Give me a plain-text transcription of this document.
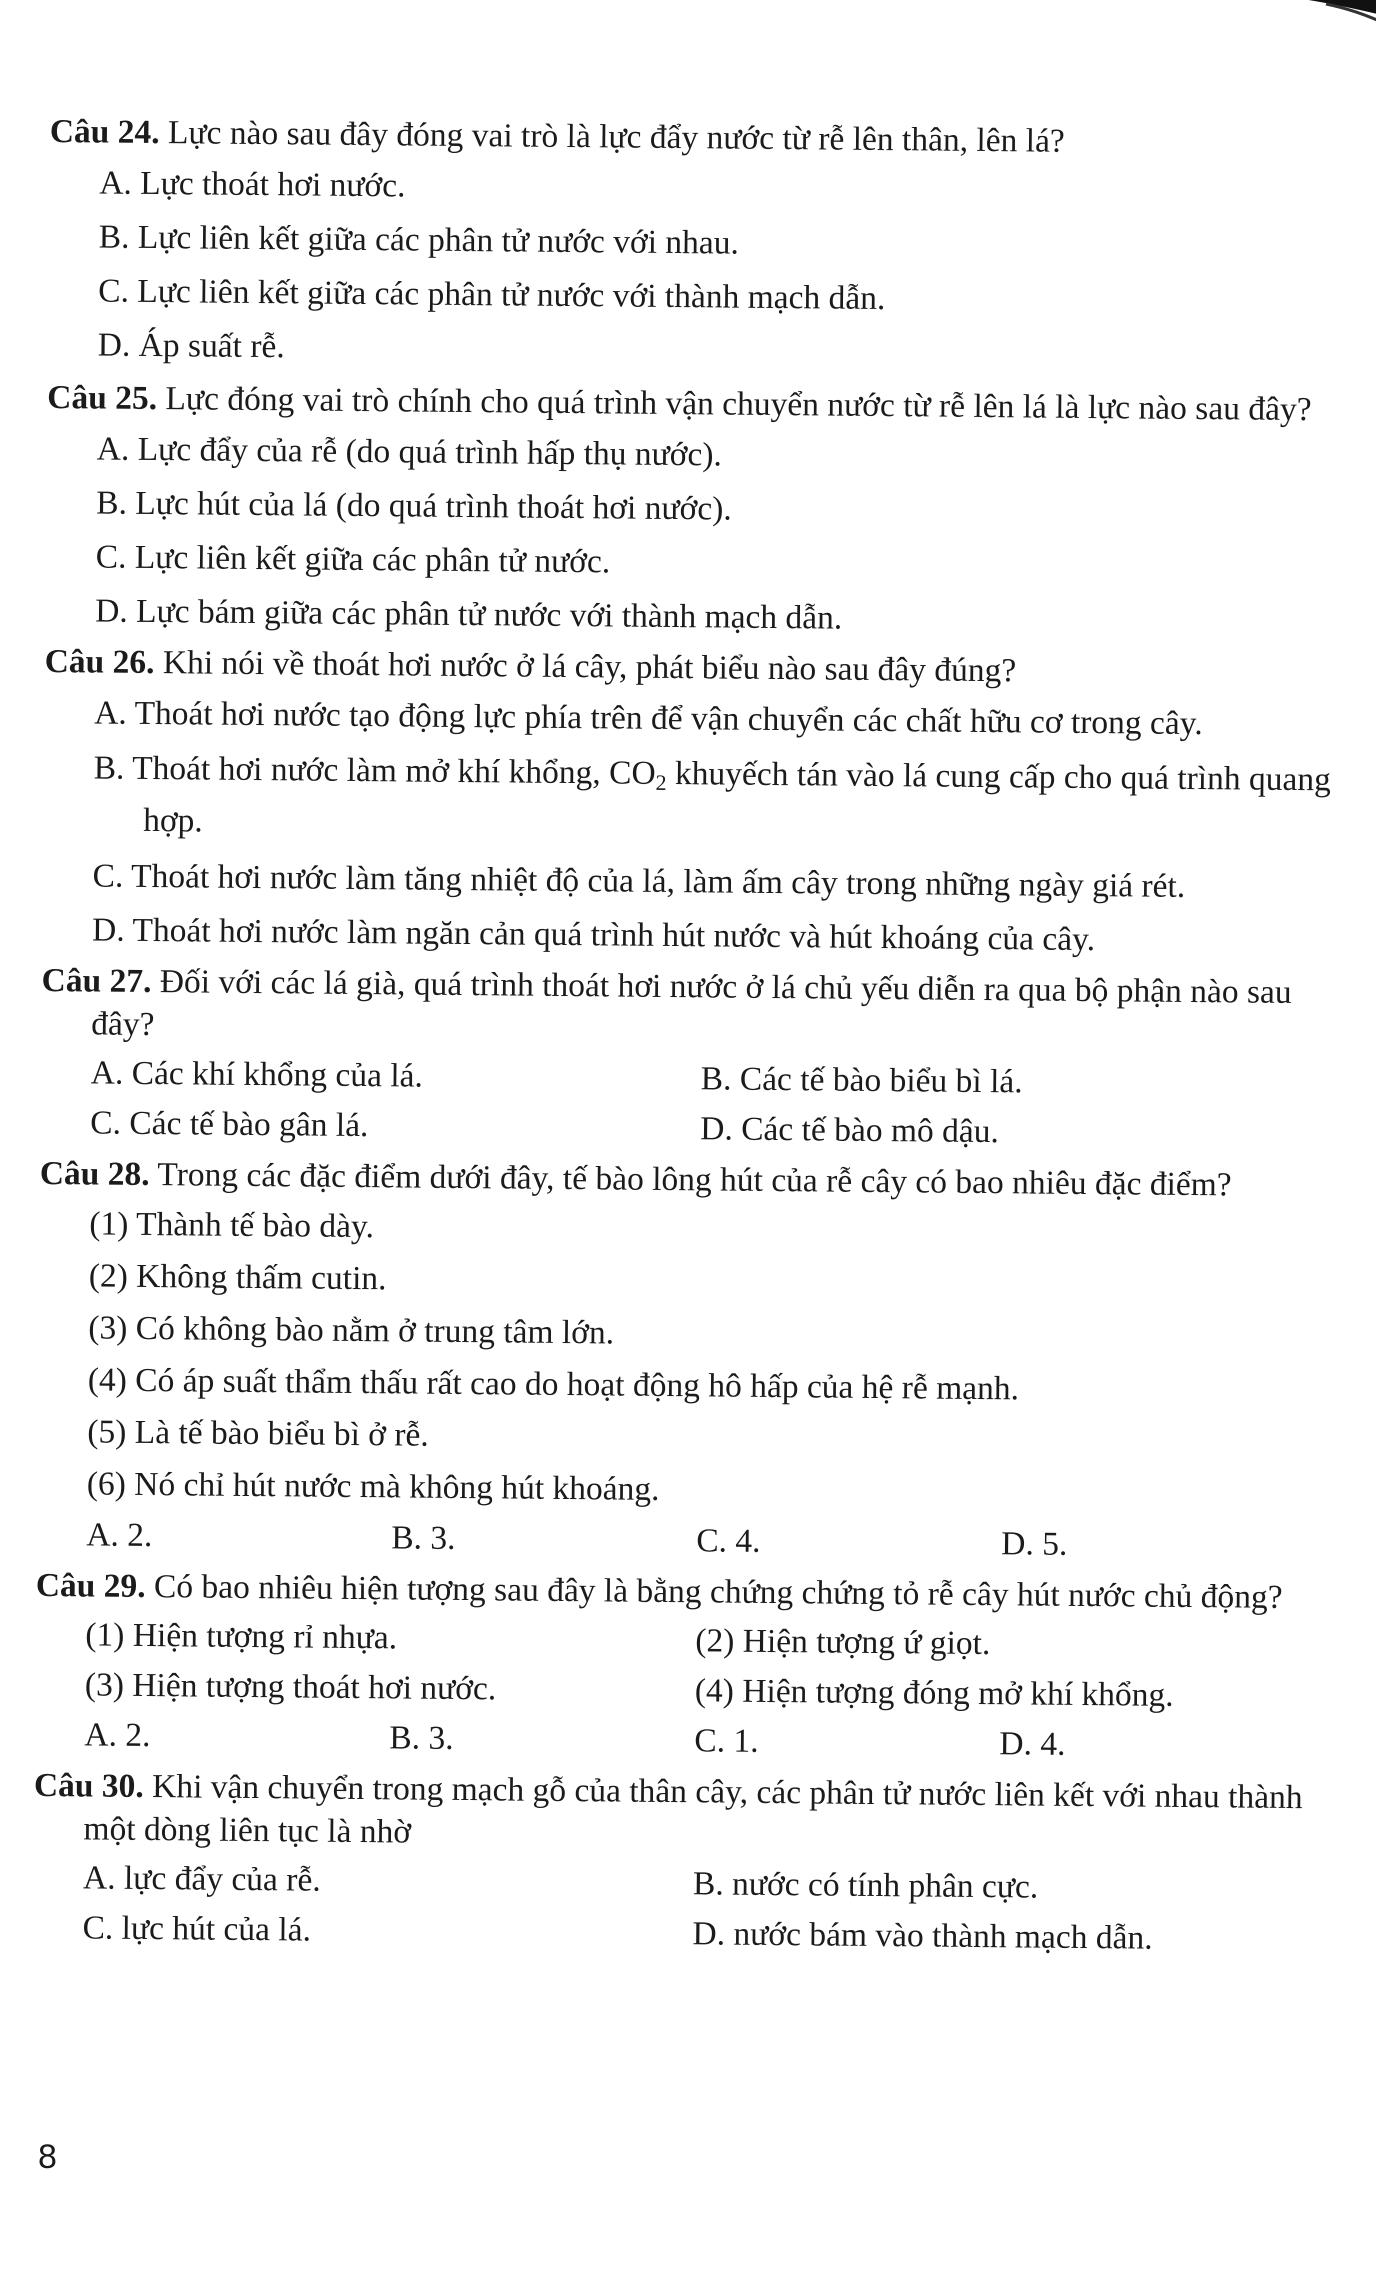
Câu 24. Lực nào sau đây đóng vai trò là lực đẩy nước từ rễ lên thân, lên lá?
A. Lực thoát hơi nước.
B. Lực liên kết giữa các phân tử nước với nhau.
C. Lực liên kết giữa các phân tử nước với thành mạch dẫn.
D. Áp suất rễ.
Câu 25. Lực đóng vai trò chính cho quá trình vận chuyển nước từ rễ lên lá là lực nào sau đây?
A. Lực đẩy của rễ (do quá trình hấp thụ nước).
B. Lực hút của lá (do quá trình thoát hơi nước).
C. Lực liên kết giữa các phân tử nước.
D. Lực bám giữa các phân tử nước với thành mạch dẫn.
Câu 26. Khi nói về thoát hơi nước ở lá cây, phát biểu nào sau đây đúng?
A. Thoát hơi nước tạo động lực phía trên để vận chuyển các chất hữu cơ trong cây.
B. Thoát hơi nước làm mở khí khổng, $CO_2$ khuyếch tán vào lá cung cấp cho quá trình quang hợp.
C. Thoát hơi nước làm tăng nhiệt độ của lá, làm ấm cây trong những ngày giá rét.
D. Thoát hơi nước làm ngăn cản quá trình hút nước và hút khoáng của cây.
Câu 27. Đối với các lá già, quá trình thoát hơi nước ở lá chủ yếu diễn ra qua bộ phận nào sau đây?
A. Các khí khổng của lá.	B. Các tế bào biểu bì lá.
C. Các tế bào gân lá.	D. Các tế bào mô dậu.
Câu 28. Trong các đặc điểm dưới đây, tế bào lông hút của rễ cây có bao nhiêu đặc điểm?
(1) Thành tế bào dày.
(2) Không thấm cutin.
(3) Có không bào nằm ở trung tâm lớn.
(4) Có áp suất thẩm thấu rất cao do hoạt động hô hấp của hệ rễ mạnh.
(5) Là tế bào biểu bì ở rễ.
(6) Nó chỉ hút nước mà không hút khoáng.
A. 2.	B. 3.	C. 4.	D. 5.
Câu 29. Có bao nhiêu hiện tượng sau đây là bằng chứng chứng tỏ rễ cây hút nước chủ động?
(1) Hiện tượng rỉ nhựa.	(2) Hiện tượng ứ giọt.
(3) Hiện tượng thoát hơi nước.	(4) Hiện tượng đóng mở khí khổng.
A. 2.	B. 3.	C. 1.	D. 4.
Câu 30. Khi vận chuyển trong mạch gỗ của thân cây, các phân tử nước liên kết với nhau thành một dòng liên tục là nhờ
A. lực đẩy của rễ.	B. nước có tính phân cực.
C. lực hút của lá.	D. nước bám vào thành mạch dẫn.
8
